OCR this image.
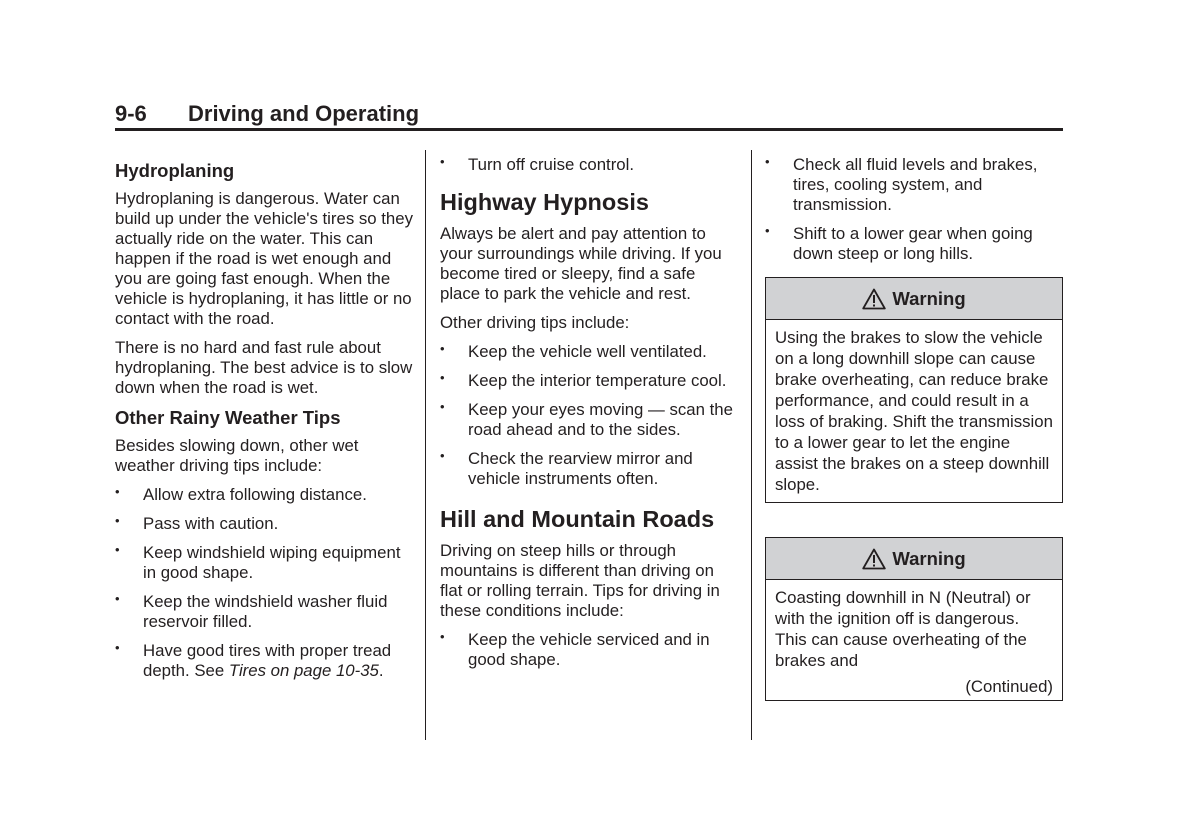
9-6 Driving and Operating
Hydroplaning

Hydroplaning is dangerous. Water can build up under the vehicle's tires so they actually ride on the water. This can happen if the road is wet enough and you are going fast enough. When the vehicle is hydroplaning, it has little or no contact with the road.

There is no hard and fast rule about hydroplaning. The best advice is to slow down when the road is wet.

Other Rainy Weather Tips

Besides slowing down, other wet weather driving tips include:

• Allow extra following distance.
• Pass with caution.
• Keep windshield wiping equipment in good shape.
• Keep the windshield washer fluid reservoir filled.
• Have good tires with proper tread depth. See Tires on page 10-35.
• Turn off cruise control.
Highway Hypnosis

Always be alert and pay attention to your surroundings while driving. If you become tired or sleepy, find a safe place to park the vehicle and rest.

Other driving tips include:

• Keep the vehicle well ventilated.
• Keep the interior temperature cool.
• Keep your eyes moving — scan the road ahead and to the sides.
• Check the rearview mirror and vehicle instruments often.
Hill and Mountain Roads

Driving on steep hills or through mountains is different than driving on flat or rolling terrain. Tips for driving in these conditions include:

• Keep the vehicle serviced and in good shape.
• Check all fluid levels and brakes, tires, cooling system, and transmission.
• Shift to a lower gear when going down steep or long hills.
Warning
Using the brakes to slow the vehicle on a long downhill slope can cause brake overheating, can reduce brake performance, and could result in a loss of braking. Shift the transmission to a lower gear to let the engine assist the brakes on a steep downhill slope.
Warning
Coasting downhill in N (Neutral) or with the ignition off is dangerous. This can cause overheating of the brakes and
(Continued)
